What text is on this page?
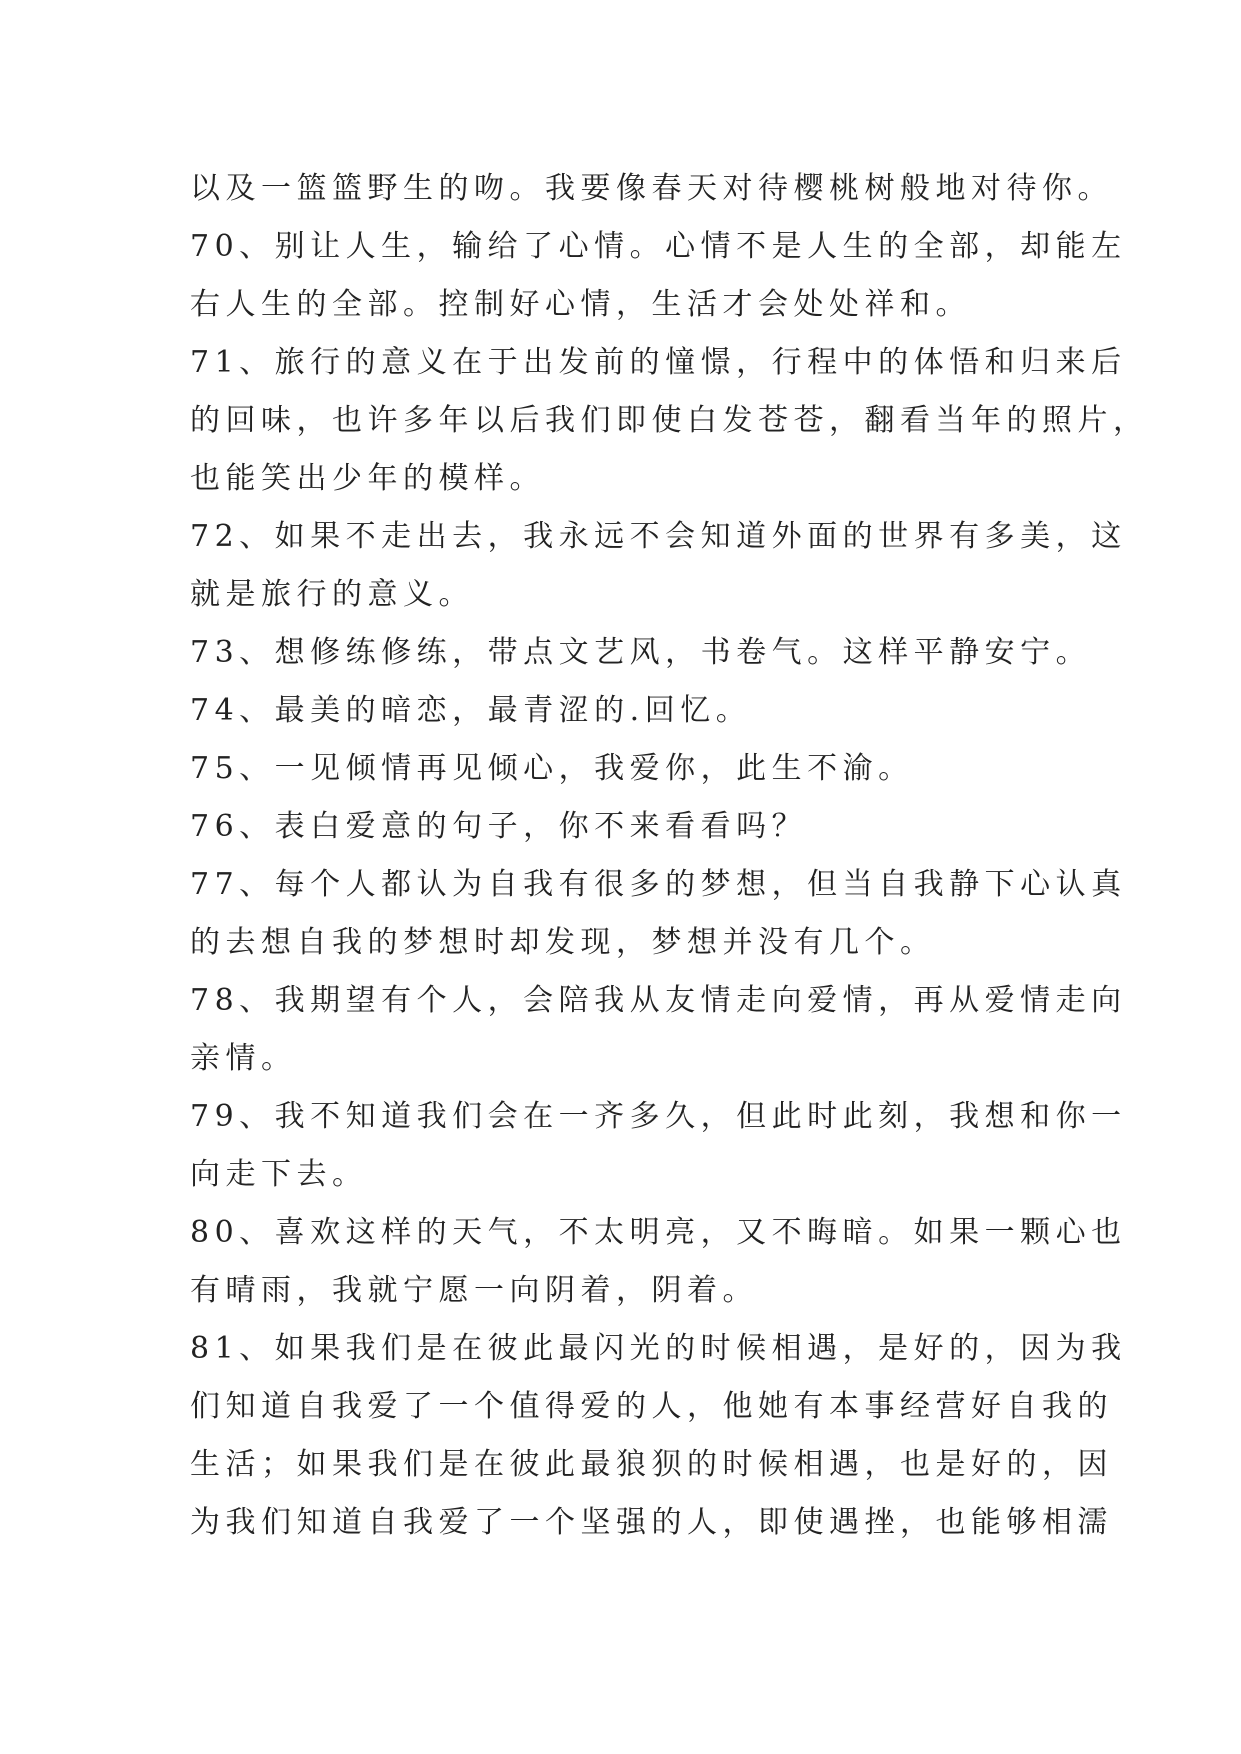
以及一篮篮野生的吻。我要像春天对待樱桃树般地对待你。
70、别让人生，输给了心情。心情不是人生的全部，却能左
右人生的全部。控制好心情，生活才会处处祥和。
71、旅行的意义在于出发前的憧憬，行程中的体悟和归来后
的回味，也许多年以后我们即使白发苍苍，翻看当年的照片，
也能笑出少年的模样。
72、如果不走出去，我永远不会知道外面的世界有多美，这
就是旅行的意义。
73、想修练修练，带点文艺风，书卷气。这样平静安宁。
74、最美的暗恋，最青涩的.回忆。
75、一见倾情再见倾心，我爱你，此生不渝。
76、表白爱意的句子，你不来看看吗？
77、每个人都认为自我有很多的梦想，但当自我静下心认真
的去想自我的梦想时却发现，梦想并没有几个。
78、我期望有个人，会陪我从友情走向爱情，再从爱情走向
亲情。
79、我不知道我们会在一齐多久，但此时此刻，我想和你一
向走下去。
80、喜欢这样的天气，不太明亮，又不晦暗。如果一颗心也
有晴雨，我就宁愿一向阴着，阴着。
81、如果我们是在彼此最闪光的时候相遇，是好的，因为我
们知道自我爱了一个值得爱的人，他她有本事经营好自我的
生活；如果我们是在彼此最狼狈的时候相遇，也是好的，因
为我们知道自我爱了一个坚强的人，即使遇挫，也能够相濡
